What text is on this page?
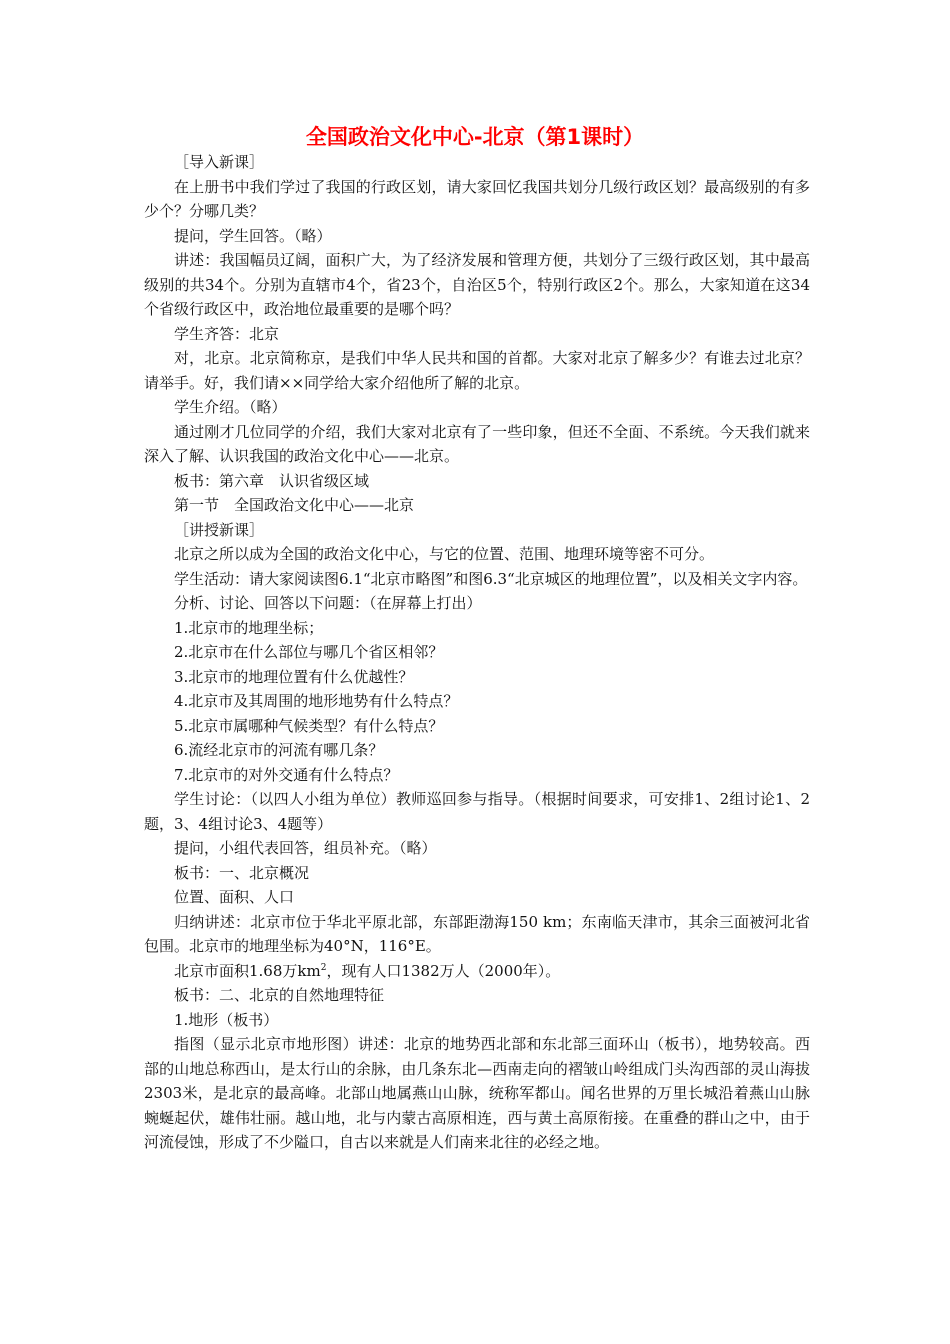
全国政治文化中心-北京（第1课时）

［导入新课］

在上册书中我们学过了我国的行政区划，请大家回忆我国共划分几级行政区划？最高级别的有多少个？分哪几类？

提问，学生回答。（略）

讲述：我国幅员辽阔，面积广大，为了经济发展和管理方便，共划分了三级行政区划，其中最高级别的共34个。分别为直辖市4个，省23个，自治区5个，特别行政区2个。那么，大家知道在这34个省级行政区中，政治地位最重要的是哪个吗？

学生齐答：北京

对，北京。北京简称京，是我们中华人民共和国的首都。大家对北京了解多少？有谁去过北京？请举手。好，我们请××同学给大家介绍他所了解的北京。

学生介绍。（略）

通过刚才几位同学的介绍，我们大家对北京有了一些印象，但还不全面、不系统。今天我们就来深入了解、认识我国的政治文化中心——北京。

板书：第六章　认识省级区域

第一节　全国政治文化中心——北京

［讲授新课］

北京之所以成为全国的政治文化中心，与它的位置、范围、地理环境等密不可分。

学生活动：请大家阅读图6.1“北京市略图”和图6.3“北京城区的地理位置”，以及相关文字内容。

分析、讨论、回答以下问题：（在屏幕上打出）

1.北京市的地理坐标；

2.北京市在什么部位与哪几个省区相邻？

3.北京市的地理位置有什么优越性？

4.北京市及其周围的地形地势有什么特点？

5.北京市属哪种气候类型？有什么特点？

6.流经北京市的河流有哪几条？

7.北京市的对外交通有什么特点？

学生讨论：（以四人小组为单位）教师巡回参与指导。（根据时间要求，可安排1、2组讨论1、2题，3、4组讨论3、4题等）

提问，小组代表回答，组员补充。（略）

板书：一、北京概况

位置、面积、人口

归纳讲述：北京市位于华北平原北部，东部距渤海150 km；东南临天津市，其余三面被河北省包围。北京市的地理坐标为40°N，116°E。

北京市面积1.68万$km^2$，现有人口1382万人（2000年）。

板书：二、北京的自然地理特征

1.地形（板书）

指图（显示北京市地形图）讲述：北京的地势西北部和东北部三面环山（板书），地势较高。西部的山地总称西山，是太行山的余脉，由几条东北—西南走向的褶皱山岭组成门头沟西部的灵山海拔2303米，是北京的最高峰。北部山地属燕山山脉，统称军都山。闻名世界的万里长城沿着燕山山脉蜿蜒起伏，雄伟壮丽。越山地，北与内蒙古高原相连，西与黄土高原衔接。在重叠的群山之中，由于河流侵蚀，形成了不少隘口，自古以来就是人们南来北往的必经之地。
